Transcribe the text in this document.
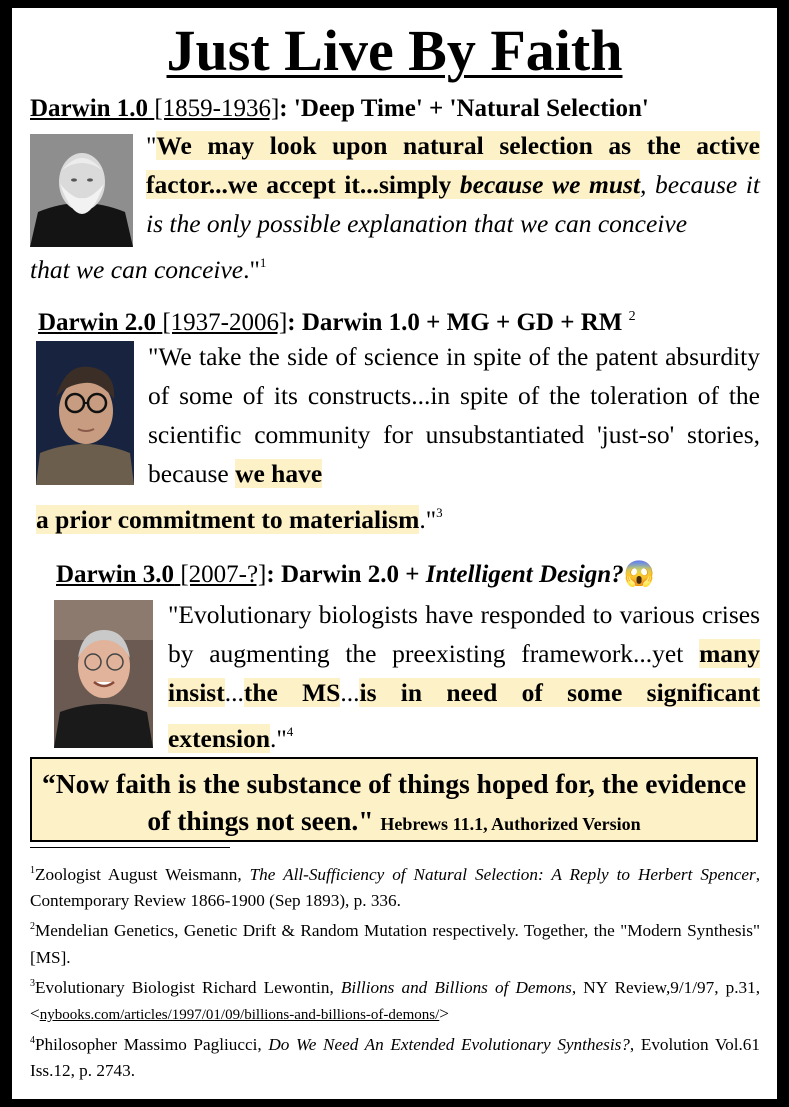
Just Live By Faith
Darwin 1.0 [1859-1936]: 'Deep Time' + 'Natural Selection'
"We may look upon natural selection as the active factor...we accept it...simply because we must, because it is the only possible explanation that we can conceive
that we can conceive."$^1$
Darwin 2.0 [1937-2006]: Darwin 1.0 + MG + GD + RM $^2$
"We take the side of science in spite of the patent absurdity of some of its constructs...in spite of the toleration of the scientific community for unsubstantiated 'just-so' stories, because we have
a prior commitment to materialism."$^3$
Darwin 3.0 [2007-?]: Darwin 2.0 + Intelligent Design?😱
"Evolutionary biologists have responded to various crises by augmenting the preexisting framework...yet many insist...the MS...is in need of some significant extension."$^4$
“Now faith is the substance of things hoped for, the evidence of things not seen." Hebrews 11.1, Authorized Version

$^1$Zoologist August Weismann, The All-Sufficiency of Natural Selection: A Reply to Herbert Spencer, Contemporary Review 1866-1900 (Sep 1893), p. 336.

$^2$Mendelian Genetics, Genetic Drift & Random Mutation respectively. Together, the "Modern Synthesis" [MS].

$^3$Evolutionary Biologist Richard Lewontin, Billions and Billions of Demons, NY Review,9/1/97, p.31,<nybooks.com/articles/1997/01/09/billions-and-billions-of-demons/>

$^4$Philosopher Massimo Pagliucci, Do We Need An Extended Evolutionary Synthesis?, Evolution Vol.61 Iss.12, p. 2743.
